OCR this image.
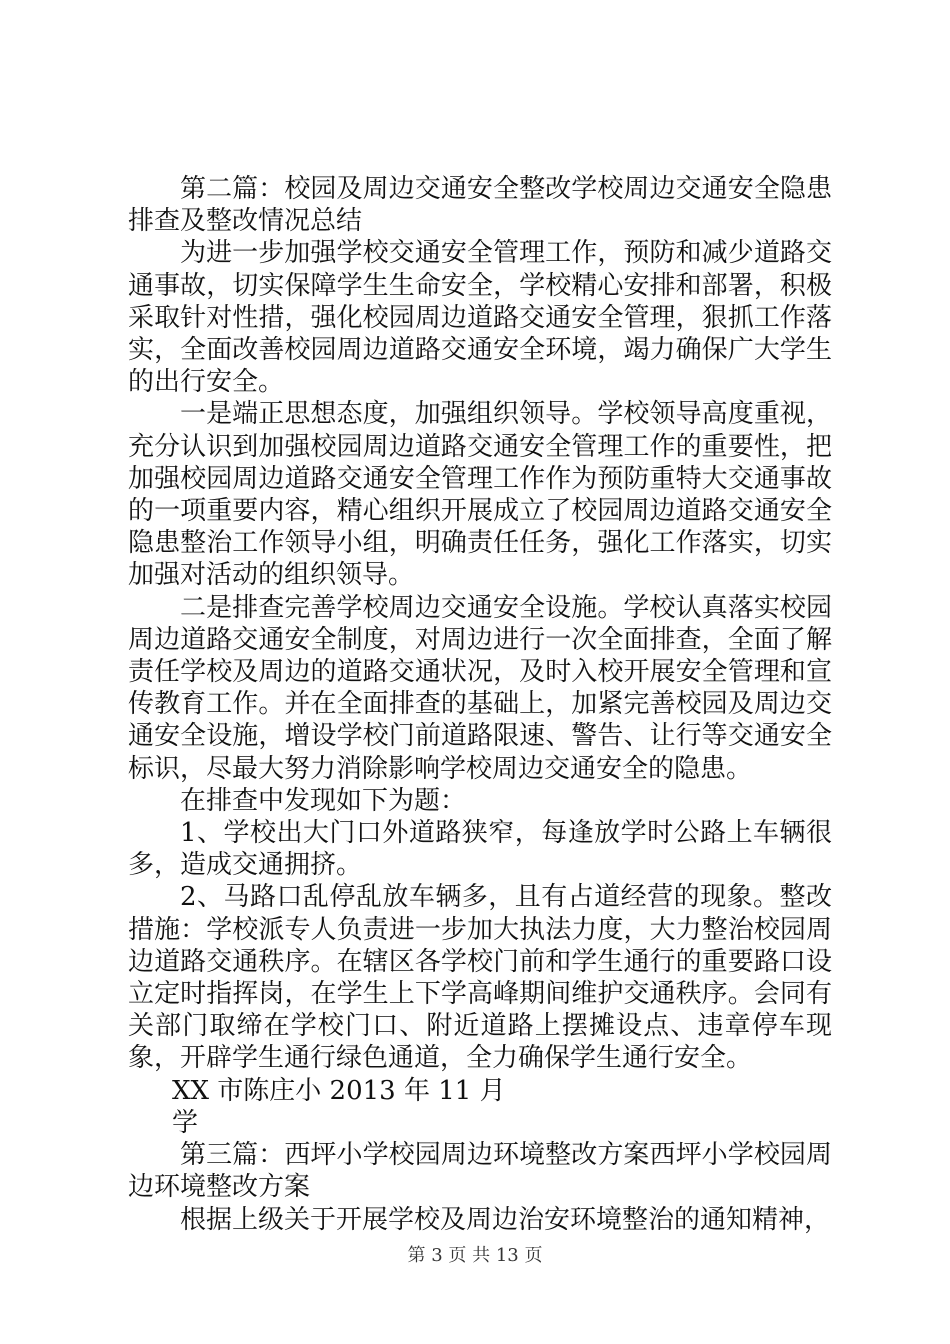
第二篇：校园及周边交通安全整改学校周边交通安全隐患排查及整改情况总结

为进一步加强学校交通安全管理工作，预防和减少道路交通事故，切实保障学生生命安全，学校精心安排和部署，积极采取针对性措，强化校园周边道路交通安全管理，狠抓工作落实，全面改善校园周边道路交通安全环境，竭力确保广大学生的出行安全。

一是端正思想态度，加强组织领导。学校领导高度重视，充分认识到加强校园周边道路交通安全管理工作的重要性，把加强校园周边道路交通安全管理工作作为预防重特大交通事故的一项重要内容，精心组织开展成立了校园周边道路交通安全隐患整治工作领导小组，明确责任任务，强化工作落实，切实加强对活动的组织领导。

二是排查完善学校周边交通安全设施。学校认真落实校园周边道路交通安全制度，对周边进行一次全面排查，全面了解责任学校及周边的道路交通状况，及时入校开展安全管理和宣传教育工作。并在全面排查的基础上，加紧完善校园及周边交通安全设施，增设学校门前道路限速、警告、让行等交通安全标识，尽最大努力消除影响学校周边交通安全的隐患。

在排查中发现如下为题：

1、学校出大门口外道路狭窄，每逢放学时公路上车辆很多，造成交通拥挤。

2、马路口乱停乱放车辆多，且有占道经营的现象。整改措施：学校派专人负责进一步加大执法力度，大力整治校园周边道路交通秩序。在辖区各学校门前和学生通行的重要路口设立定时指挥岗，在学生上下学高峰期间维护交通秩序。会同有关部门取缔在学校门口、附近道路上摆摊设点、违章停车现象，开辟学生通行绿色通道，全力确保学生通行安全。

XX 市陈庄小 2013 年 11 月

学

第三篇：西坪小学校园周边环境整改方案西坪小学校园周边环境整改方案

根据上级关于开展学校及周边治安环境整治的通知精神，

第 3 页 共 13 页
